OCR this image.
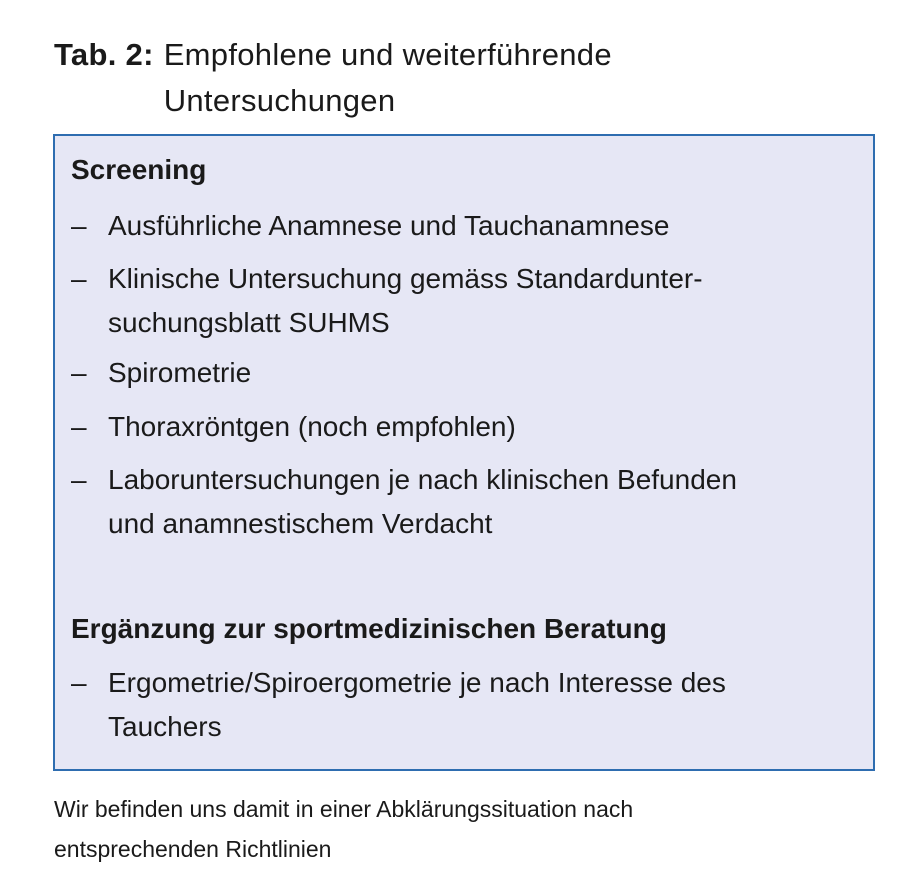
Tab. 2: Empfohlene und weiterführende
Untersuchungen
Screening
– Ausführliche Anamnese und Tauchanamnese
– Klinische Untersuchung gemäss Standardunter-
suchungsblatt SUHMS
– Spirometrie
– Thoraxröntgen (noch empfohlen)
– Laboruntersuchungen je nach klinischen Befunden
und anamnestischem Verdacht
Ergänzung zur sportmedizinischen Beratung
– Ergometrie/Spiroergometrie je nach Interesse des
Tauchers
Wir befinden uns damit in einer Abklärungssituation nach
entsprechenden Richtlinien
